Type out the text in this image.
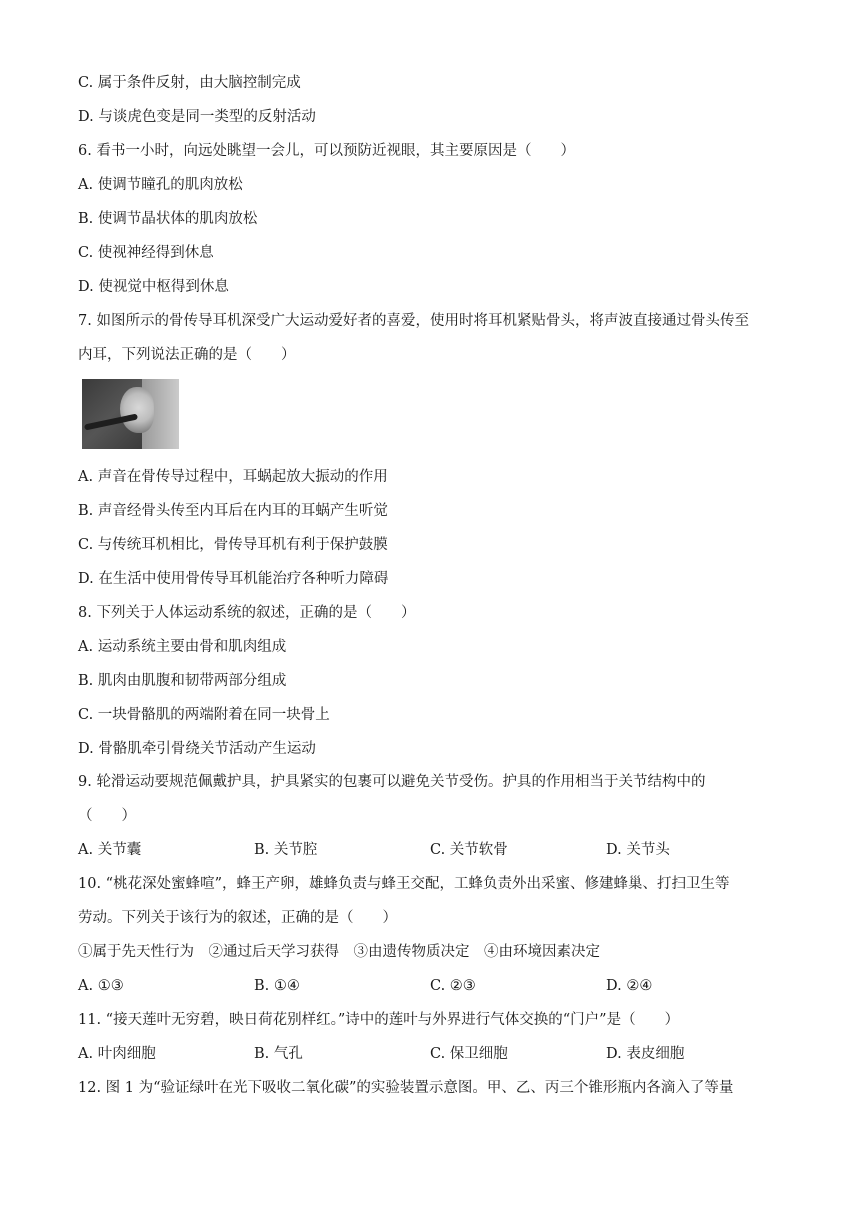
C. 属于条件反射，由大脑控制完成
D. 与谈虎色变是同一类型的反射活动
6. 看书一小时，向远处眺望一会儿，可以预防近视眼，其主要原因是（　　）
A. 使调节瞳孔的肌肉放松
B. 使调节晶状体的肌肉放松
C. 使视神经得到休息
D. 使视觉中枢得到休息
7. 如图所示的骨传导耳机深受广大运动爱好者的喜爱，使用时将耳机紧贴骨头，将声波直接通过骨头传至
内耳，下列说法正确的是（　　）
A. 声音在骨传导过程中，耳蜗起放大振动的作用
B. 声音经骨头传至内耳后在内耳的耳蜗产生听觉
C. 与传统耳机相比，骨传导耳机有利于保护鼓膜
D. 在生活中使用骨传导耳机能治疗各种听力障碍
8. 下列关于人体运动系统的叙述，正确的是（　　）
A. 运动系统主要由骨和肌肉组成
B. 肌肉由肌腹和韧带两部分组成
C. 一块骨骼肌的两端附着在同一块骨上
D. 骨骼肌牵引骨绕关节活动产生运动
9. 轮滑运动要规范佩戴护具，护具紧实的包裹可以避免关节受伤。护具的作用相当于关节结构中的
（　　）
A. 关节囊	B. 关节腔	C. 关节软骨	D. 关节头
10. “桃花深处蜜蜂喧”，蜂王产卵，雄蜂负责与蜂王交配，工蜂负责外出采蜜、修建蜂巢、打扫卫生等
劳动。下列关于该行为的叙述，正确的是（　　）
①属于先天性行为　②通过后天学习获得　③由遗传物质决定　④由环境因素决定
A. ①③	B. ①④	C. ②③	D. ②④
11. “接天莲叶无穷碧，映日荷花别样红。”诗中的莲叶与外界进行气体交换的“门户”是（　　）
A. 叶肉细胞	B. 气孔	C. 保卫细胞	D. 表皮细胞
12. 图 1 为“验证绿叶在光下吸收二氧化碳”的实验装置示意图。甲、乙、丙三个锥形瓶内各滴入了等量
